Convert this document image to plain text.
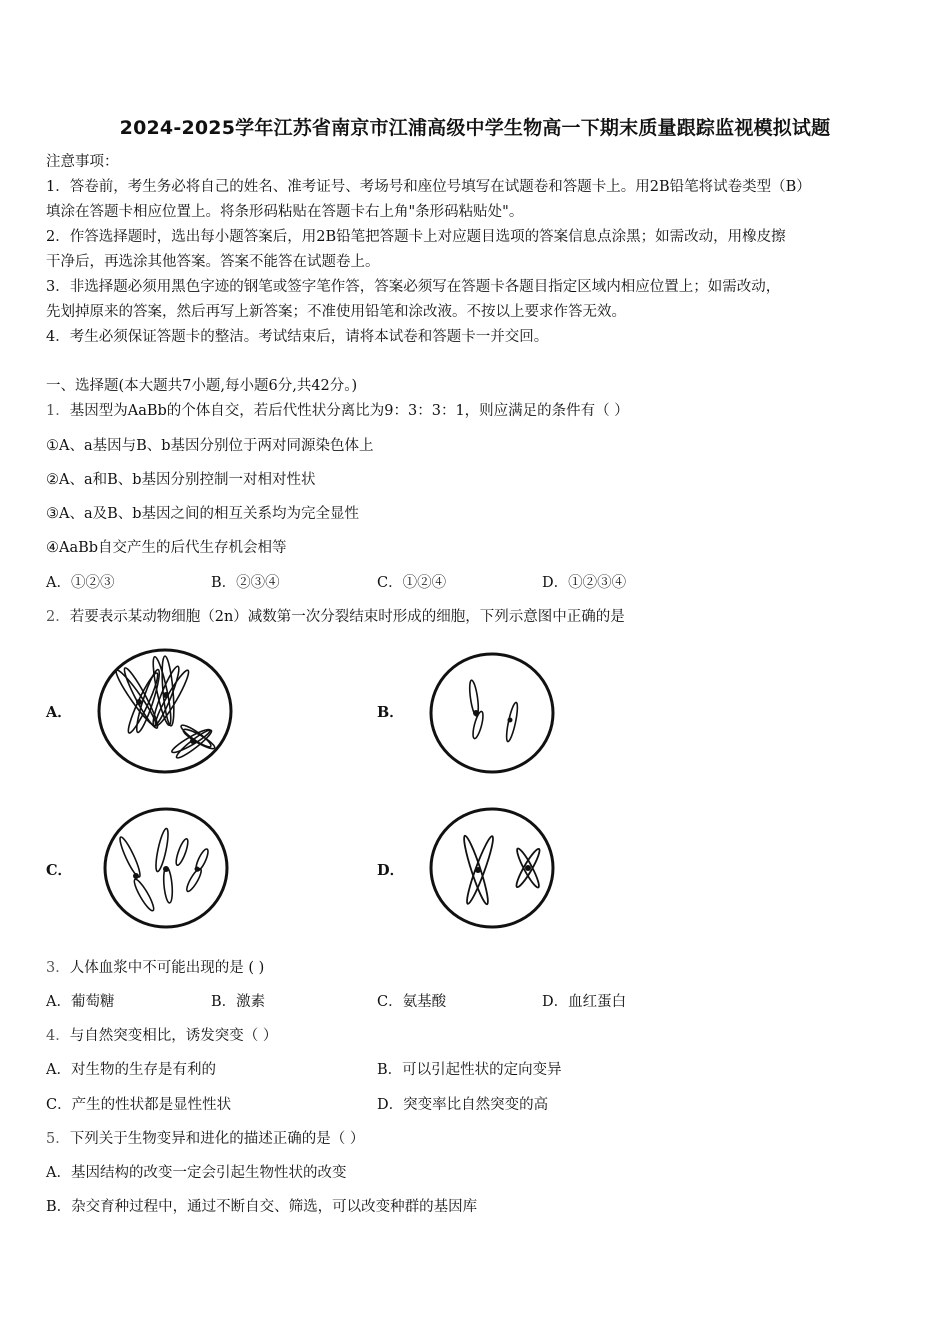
2024-2025学年江苏省南京市江浦高级中学生物高一下期末质量跟踪监视模拟试题
注意事项：
1．答卷前，考生务必将自己的姓名、准考证号、考场号和座位号填写在试题卷和答题卡上。用2B铅笔将试卷类型（B）
填涂在答题卡相应位置上。将条形码粘贴在答题卡右上角"条形码粘贴处"。
2．作答选择题时，选出每小题答案后，用2B铅笔把答题卡上对应题目选项的答案信息点涂黑；如需改动，用橡皮擦
干净后，再选涂其他答案。答案不能答在试题卷上。
3．非选择题必须用黑色字迹的钢笔或签字笔作答，答案必须写在答题卡各题目指定区域内相应位置上；如需改动，
先划掉原来的答案，然后再写上新答案；不准使用铅笔和涂改液。不按以上要求作答无效。
4．考生必须保证答题卡的整洁。考试结束后，请将本试卷和答题卡一并交回。
一、选择题(本大题共7小题,每小题6分,共42分。)
1．基因型为AaBb的个体自交，若后代性状分离比为9：3：3：1，则应满足的条件有（ ）
①A、a基因与B、b基因分别位于两对同源染色体上
②A、a和B、b基因分别控制一对相对性状
③A、a及B、b基因之间的相互关系均为完全显性
④AaBb自交产生的后代生存机会相等
A．①②③	B．②③④	C．①②④	D．①②③④
2．若要表示某动物细胞（2n）减数第一次分裂结束时形成的细胞，下列示意图中正确的是
A．	B．
C．	D．
3．人体血浆中不可能出现的是 ( )
A．葡萄糖	B．激素	C．氨基酸	D．血红蛋白
4．与自然突变相比，诱发突变（ ）
A．对生物的生存是有利的	B．可以引起性状的定向变异
C．产生的性状都是显性性状	D．突变率比自然突变的高
5．下列关于生物变异和进化的描述正确的是（ ）
A．基因结构的改变一定会引起生物性状的改变
B．杂交育种过程中，通过不断自交、筛选，可以改变种群的基因库
